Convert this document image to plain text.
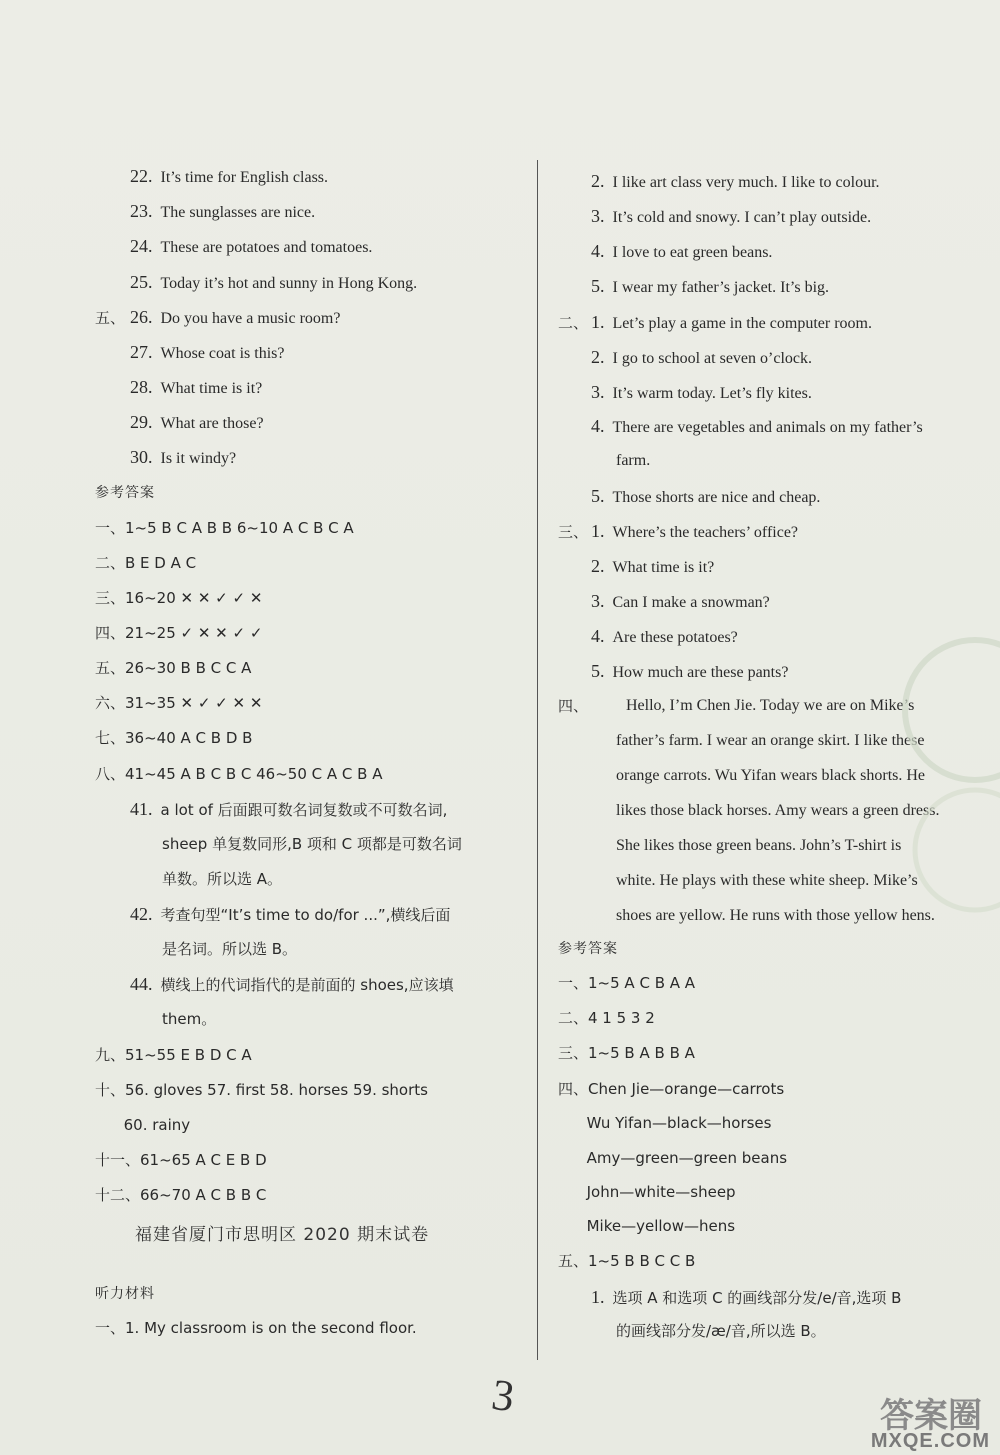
22. It’s time for English class.
23. The sunglasses are nice.
24. These are potatoes and tomatoes.
25. Today it’s hot and sunny in Hong Kong.
五、 26. Do you have a music room?
27. Whose coat is this?
28. What time is it?
29. What are those?
30. Is it windy?
参考答案
一、1~5 B C A B B 6~10 A C B C A
二、B E D A C
三、16~20 ✕ ✕ ✓ ✓ ✕
四、21~25 ✓ ✕ ✕ ✓ ✓
五、26~30 B B C C A
六、31~35 ✕ ✓ ✓ ✕ ✕
七、36~40 A C B D B
八、41~45 A B C B C 46~50 C A C B A
41. a lot of 后面跟可数名词复数或不可数名词,
sheep 单复数同形,B 项和 C 项都是可数名词
单数。所以选 A。
42. 考查句型“It’s time to do/for ...”,横线后面
是名词。所以选 B。
44. 横线上的代词指代的是前面的 shoes,应该填
them。
九、51~55 E B D C A
十、56. gloves 57. first 58. horses 59. shorts
60. rainy
十一、61~65 A C E B D
十二、66~70 A C B B C
听力材料
一、1. My classroom is on the second floor.
福建省厦门市思明区 2020 期末试卷
2. I like art class very much. I like to colour.
3. It’s cold and snowy. I can’t play outside.
4. I love to eat green beans.
5. I wear my father’s jacket. It’s big.
二、 1. Let’s play a game in the computer room.
2. I go to school at seven o’clock.
3. It’s warm today. Let’s fly kites.
4. There are vegetables and animals on my father’s
farm.
5. Those shorts are nice and cheap.
三、 1. Where’s the teachers’ office?
2. What time is it?
3. Can I make a snowman?
4. Are these potatoes?
5. How much are these pants?
四、 Hello, I’m Chen Jie. Today we are on Mike’s
father’s farm. I wear an orange skirt. I like these
orange carrots. Wu Yifan wears black shorts. He
likes those black horses. Amy wears a green dress.
She likes those green beans. John’s T-shirt is
white. He plays with these white sheep. Mike’s
shoes are yellow. He runs with those yellow hens.
参考答案
一、1~5 A C B A A
二、4 1 5 3 2
三、1~5 B A B B A
四、Chen Jie—orange—carrots
Wu Yifan—black—horses
Amy—green—green beans
John—white—sheep
Mike—yellow—hens
五、1~5 B B C C B
1. 选项 A 和选项 C 的画线部分发/e/音,选项 B
的画线部分发/æ/音,所以选 B。
3	答案圈
MXQE.COM
